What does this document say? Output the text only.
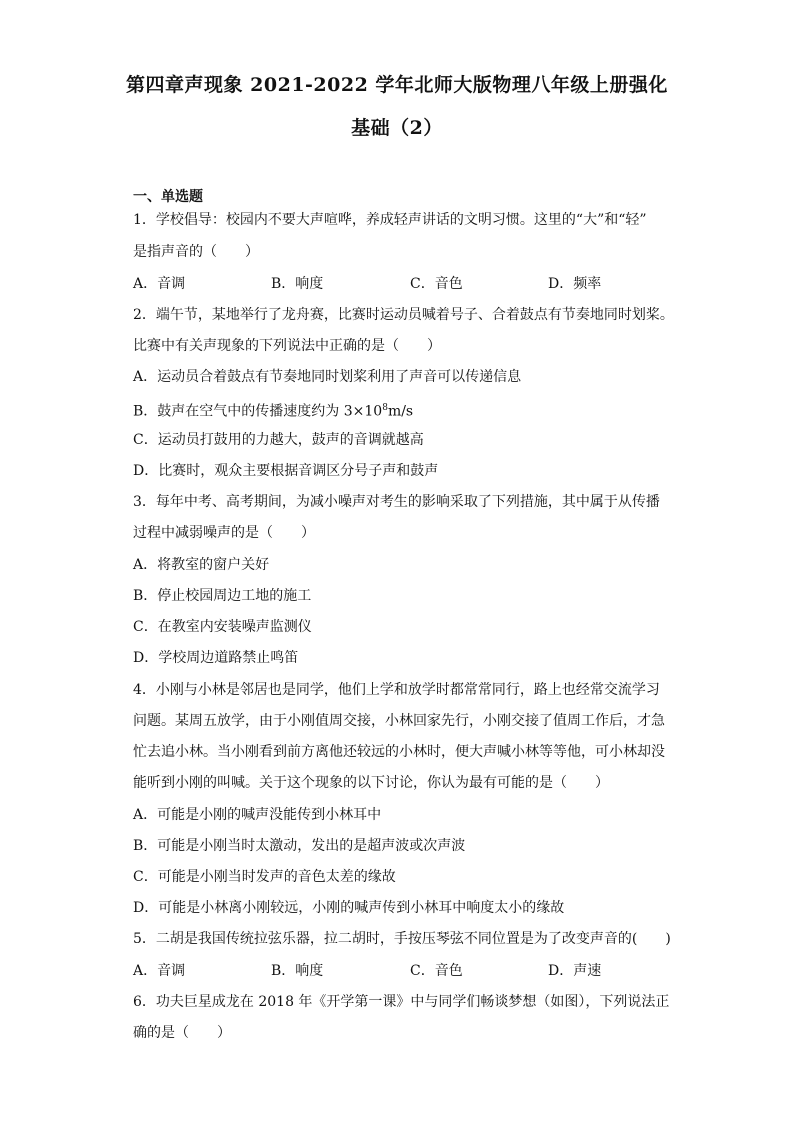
第四章声现象 2021-2022 学年北师大版物理八年级上册强化
基础（2）
一、单选题
1．学校倡导：校园内不要大声喧哗，养成轻声讲话的文明习惯。这里的“大”和“轻”
是指声音的（　　）
A．音调	B．响度	C．音色	D．频率
2．端午节，某地举行了龙舟赛，比赛时运动员喊着号子、合着鼓点有节奏地同时划桨。
比赛中有关声现象的下列说法中正确的是（　　）
A．运动员合着鼓点有节奏地同时划桨利用了声音可以传递信息
B．鼓声在空气中的传播速度约为 $3\times 10^8m/s$
C．运动员打鼓用的力越大，鼓声的音调就越高
D．比赛时，观众主要根据音调区分号子声和鼓声
3．每年中考、高考期间，为减小噪声对考生的影响采取了下列措施，其中属于从传播
过程中减弱噪声的是（　　）
A．将教室的窗户关好
B．停止校园周边工地的施工
C．在教室内安装噪声监测仪
D．学校周边道路禁止鸣笛
4．小刚与小林是邻居也是同学，他们上学和放学时都常常同行，路上也经常交流学习
问题。某周五放学，由于小刚值周交接，小林回家先行，小刚交接了值周工作后，才急
忙去追小林。当小刚看到前方离他还较远的小林时，便大声喊小林等等他，可小林却没
能听到小刚的叫喊。关于这个现象的以下讨论，你认为最有可能的是（　　）
A．可能是小刚的喊声没能传到小林耳中
B．可能是小刚当时太激动，发出的是超声波或次声波
C．可能是小刚当时发声的音色太差的缘故
D．可能是小林离小刚较远，小刚的喊声传到小林耳中响度太小的缘故
5．二胡是我国传统拉弦乐器，拉二胡时，手按压琴弦不同位置是为了改变声音的(　　)
A．音调	B．响度	C．音色	D．声速
6．功夫巨星成龙在 2018 年《开学第一课》中与同学们畅谈梦想（如图），下列说法正
确的是（　　）
